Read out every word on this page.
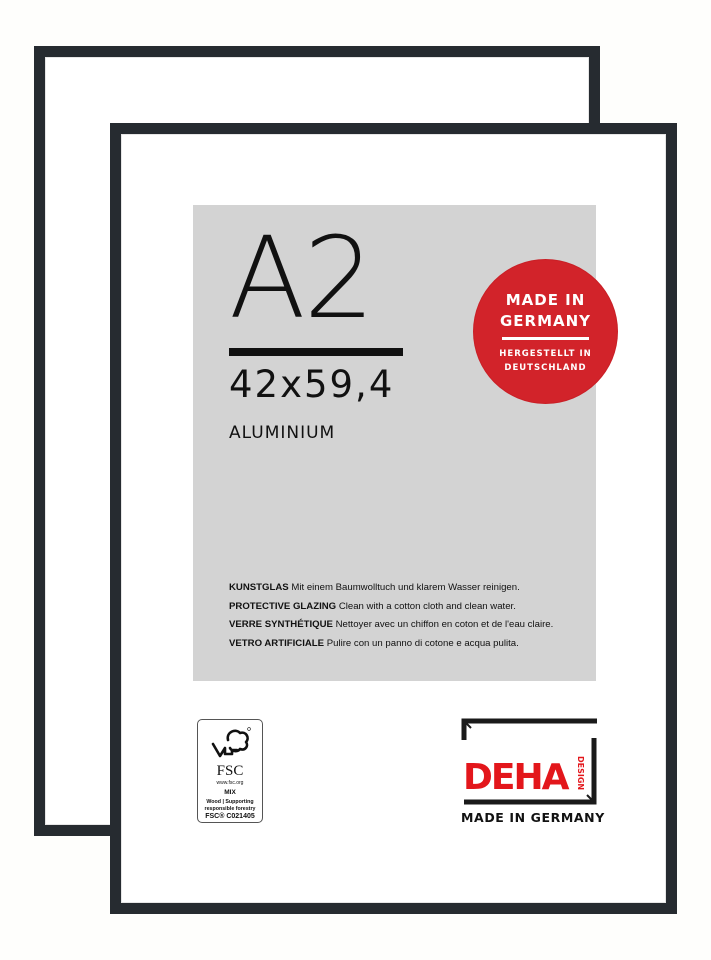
A2
42x59,4
ALUMINIUM
MADE IN
GERMANY
HERGESTELLT IN
DEUTSCHLAND
KUNSTGLAS Mit einem Baumwolltuch und klarem Wasser reinigen.
PROTECTIVE GLAZING Clean with a cotton cloth and clean water.
VERRE SYNTHÉTIQUE Nettoyer avec un chiffon en coton et de l'eau claire.
VETRO ARTIFICIALE Pulire con un panno di cotone e acqua pulita.
FSC
www.fsc.org
MIX
Wood | Supporting
responsible forestry
FSC® C021405
DEHA DESIGN
MADE IN GERMANY
